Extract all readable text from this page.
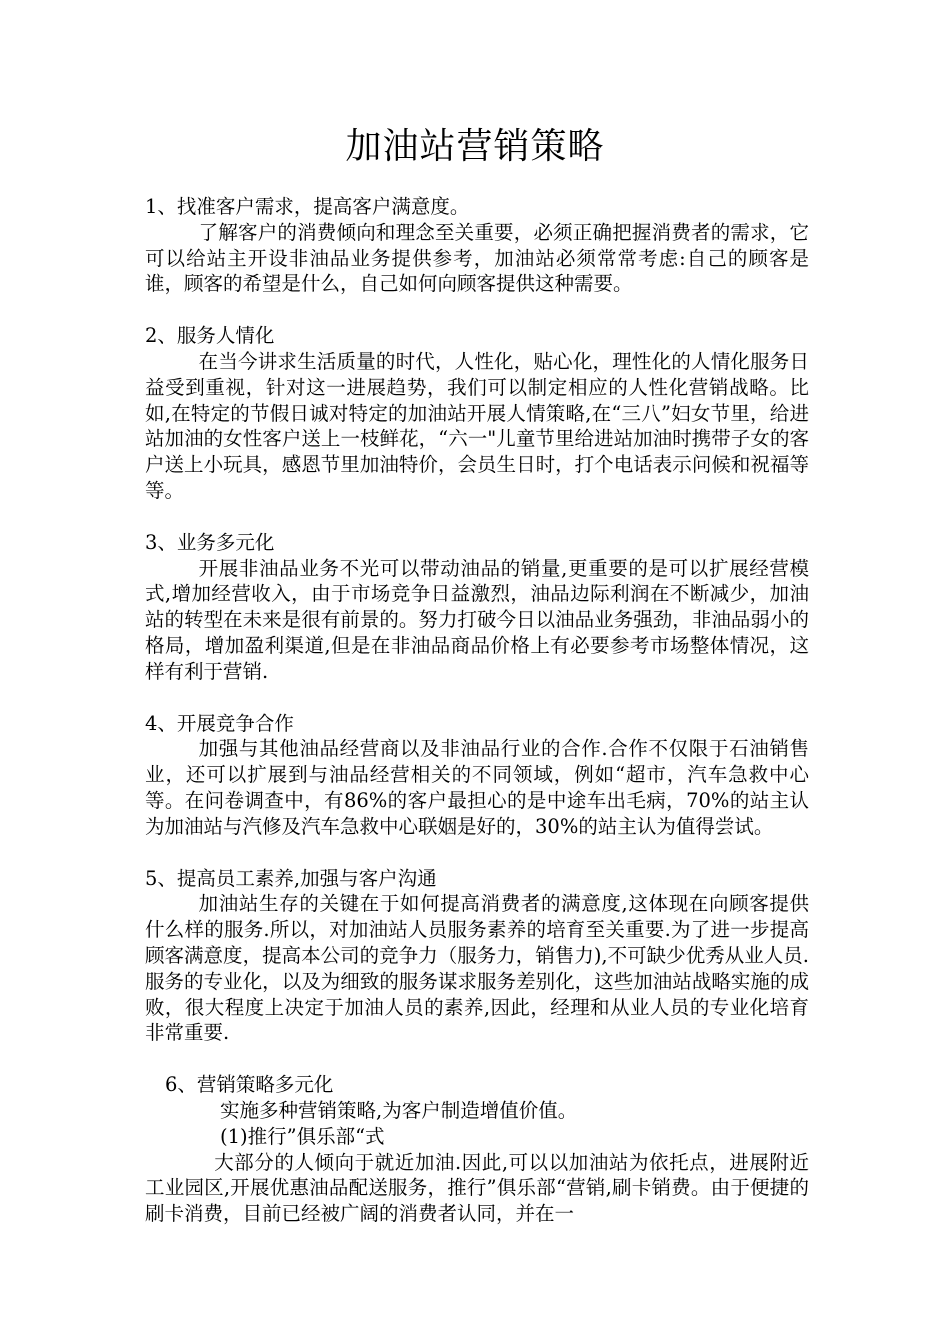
加油站营销策略

1、找准客户需求，提高客户满意度。

了解客户的消费倾向和理念至关重要，必须正确把握消费者的需求，它可以给站主开设非油品业务提供参考，加油站必须常常考虑:自己的顾客是谁，顾客的希望是什么，自己如何向顾客提供这种需要。

2、服务人情化

在当今讲求生活质量的时代，人性化，贴心化，理性化的人情化服务日益受到重视，针对这一进展趋势，我们可以制定相应的人性化营销战略。比如,在特定的节假日诚对特定的加油站开展人情策略,在“三八”妇女节里，给进站加油的女性客户送上一枝鲜花，“六一"儿童节里给进站加油时携带子女的客户送上小玩具，感恩节里加油特价，会员生日时，打个电话表示问候和祝福等等。

3、业务多元化

开展非油品业务不光可以带动油品的销量,更重要的是可以扩展经营模式,增加经营收入，由于市场竞争日益激烈，油品边际利润在不断减少，加油站的转型在未来是很有前景的。努力打破今日以油品业务强劲，非油品弱小的格局，增加盈利渠道,但是在非油品商品价格上有必要参考市场整体情况，这样有利于营销.

4、开展竞争合作

加强与其他油品经营商以及非油品行业的合作.合作不仅限于石油销售业，还可以扩展到与油品经营相关的不同领域，例如“超市，汽车急救中心等。在问卷调查中，有86%的客户最担心的是中途车出毛病，70%的站主认为加油站与汽修及汽车急救中心联姻是好的，30%的站主认为值得尝试。

5、提高员工素养,加强与客户沟通

加油站生存的关键在于如何提高消费者的满意度,这体现在向顾客提供什么样的服务.所以，对加油站人员服务素养的培育至关重要.为了进一步提高顾客满意度，提高本公司的竞争力（服务力，销售力),不可缺少优秀从业人员.服务的专业化，以及为细致的服务谋求服务差别化，这些加油站战略实施的成败，很大程度上决定于加油人员的素养,因此，经理和从业人员的专业化培育非常重要.

6、营销策略多元化

实施多种营销策略,为客户制造增值价值。

(1)推行”俱乐部“式

大部分的人倾向于就近加油.因此,可以以加油站为依托点，进展附近工业园区,开展优惠油品配送服务，推行”俱乐部“营销,刷卡销费。由于便捷的刷卡消费，目前已经被广阔的消费者认同，并在一
